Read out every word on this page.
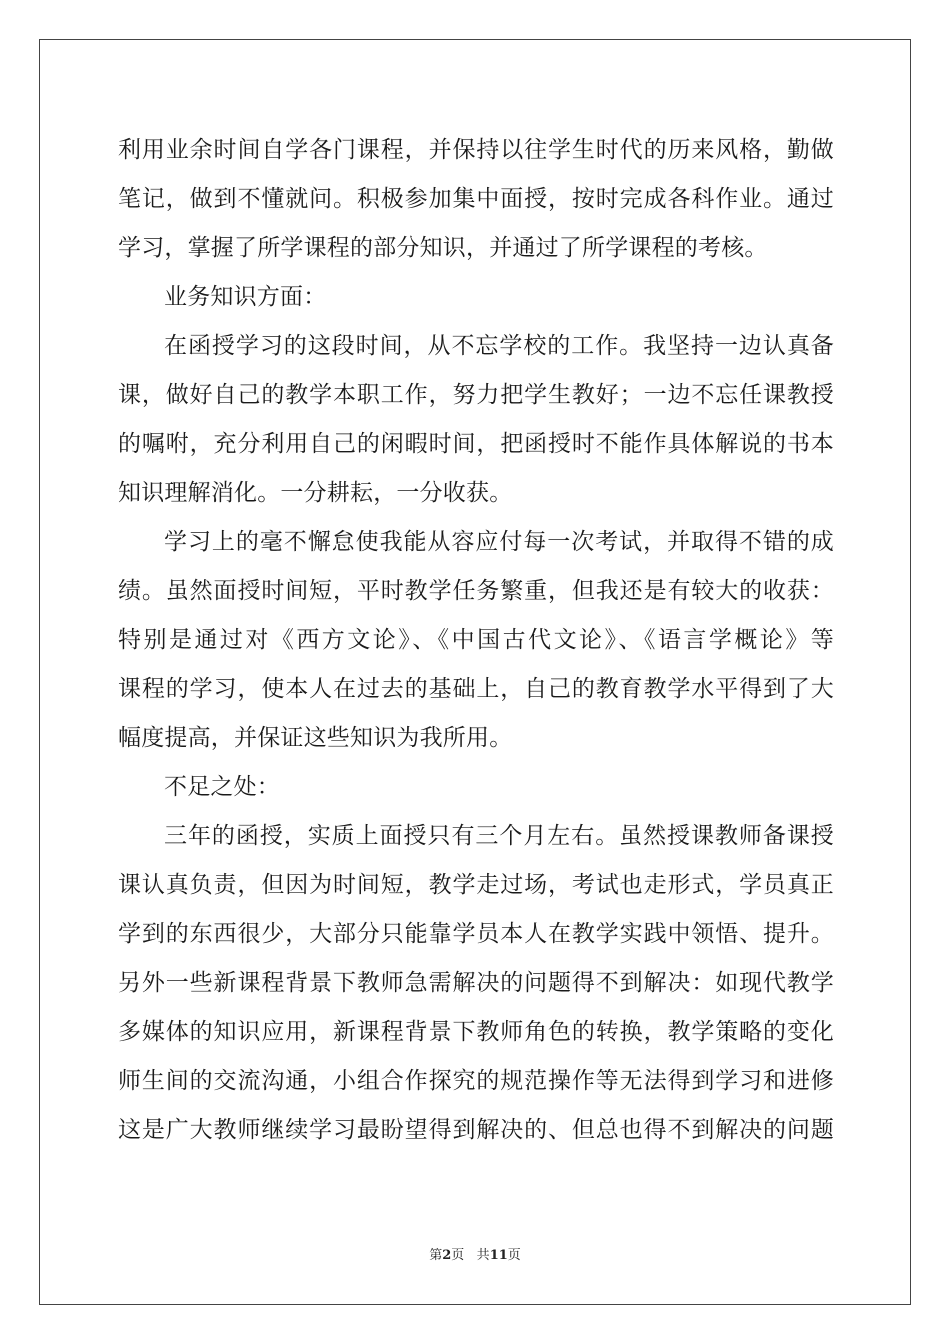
利用业余时间自学各门课程，并保持以往学生时代的历来风格，勤做
笔记，做到不懂就问。积极参加集中面授，按时完成各科作业。通过
学习，掌握了所学课程的部分知识，并通过了所学课程的考核。
业务知识方面：
在函授学习的这段时间，从不忘学校的工作。我坚持一边认真备
课，做好自己的教学本职工作，努力把学生教好；一边不忘任课教授
的嘱咐，充分利用自己的闲暇时间，把函授时不能作具体解说的书本
知识理解消化。一分耕耘，一分收获。
学习上的毫不懈怠使我能从容应付每一次考试，并取得不错的成
绩。虽然面授时间短，平时教学任务繁重，但我还是有较大的收获：
特别是通过对《西方文论》、《中国古代文论》、《语言学概论》等
课程的学习，使本人在过去的基础上，自己的教育教学水平得到了大
幅度提高，并保证这些知识为我所用。
不足之处：
三年的函授，实质上面授只有三个月左右。虽然授课教师备课授
课认真负责，但因为时间短，教学走过场，考试也走形式，学员真正
学到的东西很少，大部分只能靠学员本人在教学实践中领悟、提升。
另外一些新课程背景下教师急需解决的问题得不到解决：如现代教学
多媒体的知识应用，新课程背景下教师角色的转换，教学策略的变化
师生间的交流沟通，小组合作探究的规范操作等无法得到学习和进修
这是广大教师继续学习最盼望得到解决的、但总也得不到解决的问题
第2页 共11页
